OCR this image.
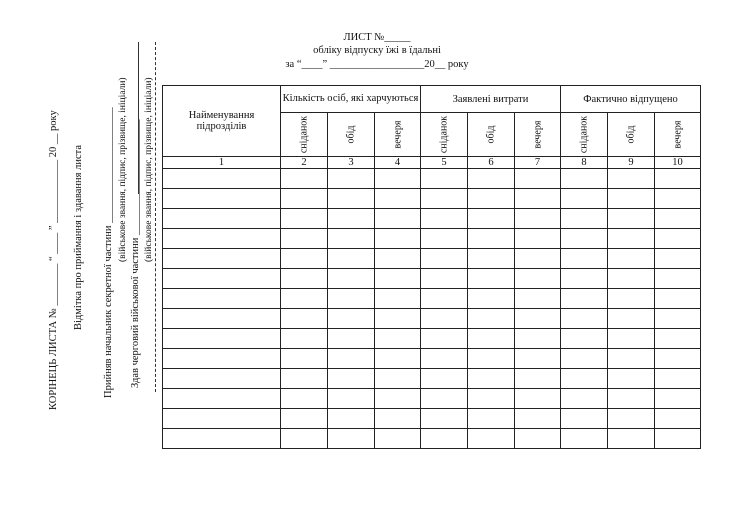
КОРІНЕЦЬ ЛИСТА № ________ “ ____ ” ____________ 20 __ року Відмітка про приймання і здавання листа Прийняв начальник секретної частини ______________________ (військове звання, підпис, прізвище, ініціали) Здав черговий військової частини ______________________ (військове звання, підпис, прізвище, ініціали)
ЛИСТ №_____
обліку відпуску їжі в їдальні
за “____” __________________20__ року
Найменування підрозділів	Кількість осіб, які харчуються			Заявлені витрати			Фактично відпущено		
	сніданок	обід	вечеря	сніданок	обід	вечеря	сніданок	обід	вечеря
1	2	3	4	5	6	7	8	9	10
